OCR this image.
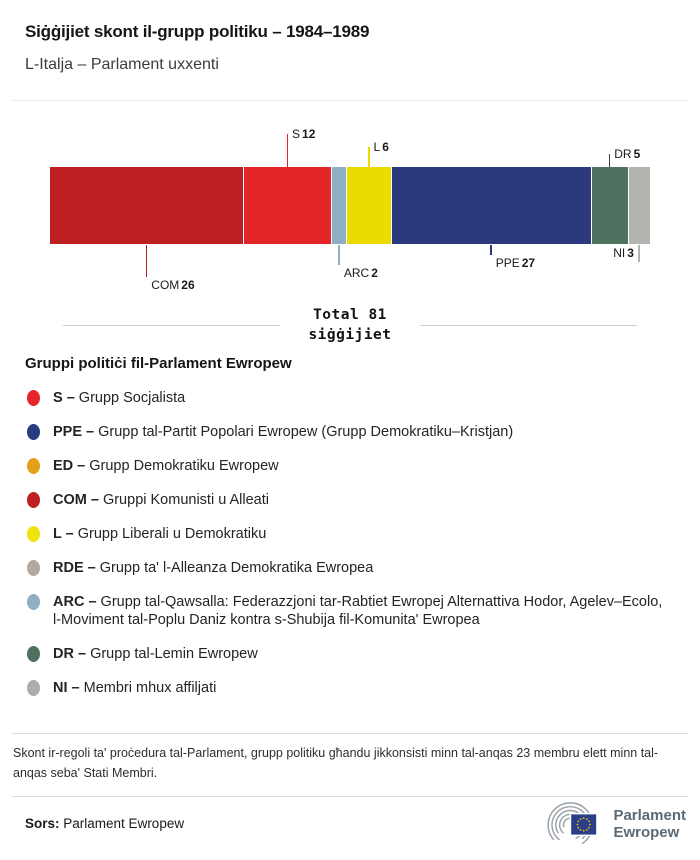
Siġġijiet skont il-grupp politiku – 1984–1989
L-Italja – Parlament uxxenti
COM 26
S 12
ARC 2
L 6
PPE 27
DR 5
NI 3
Total 81
siġġijiet
Gruppi politiċi fil-Parlament Ewropew
S – Grupp Socjalista
PPE – Grupp tal-Partit Popolari Ewropew (Grupp Demokratiku–Kristjan)
ED – Grupp Demokratiku Ewropew
COM – Gruppi Komunisti u Alleati
L – Grupp Liberali u Demokratiku
RDE – Grupp ta' l-Alleanza Demokratika Ewropea
ARC – Grupp tal-Qawsalla: Federazzjoni tar-Rabtiet Ewropej Alternattiva Hodor, Agelev–Ecolo, l-Moviment tal-Poplu Daniz kontra s-Shubija fil-Komunita' Ewropea
DR – Grupp tal-Lemin Ewropew
NI – Membri mhux affiljati

Skont ir-regoli ta' proċedura tal-Parlament, grupp politiku għandu jikkonsisti minn tal-anqas 23 membru elett minn tal-anqas seba' Stati Membri.

Sors: Parlament Ewropew	Parlament
Ewropew
